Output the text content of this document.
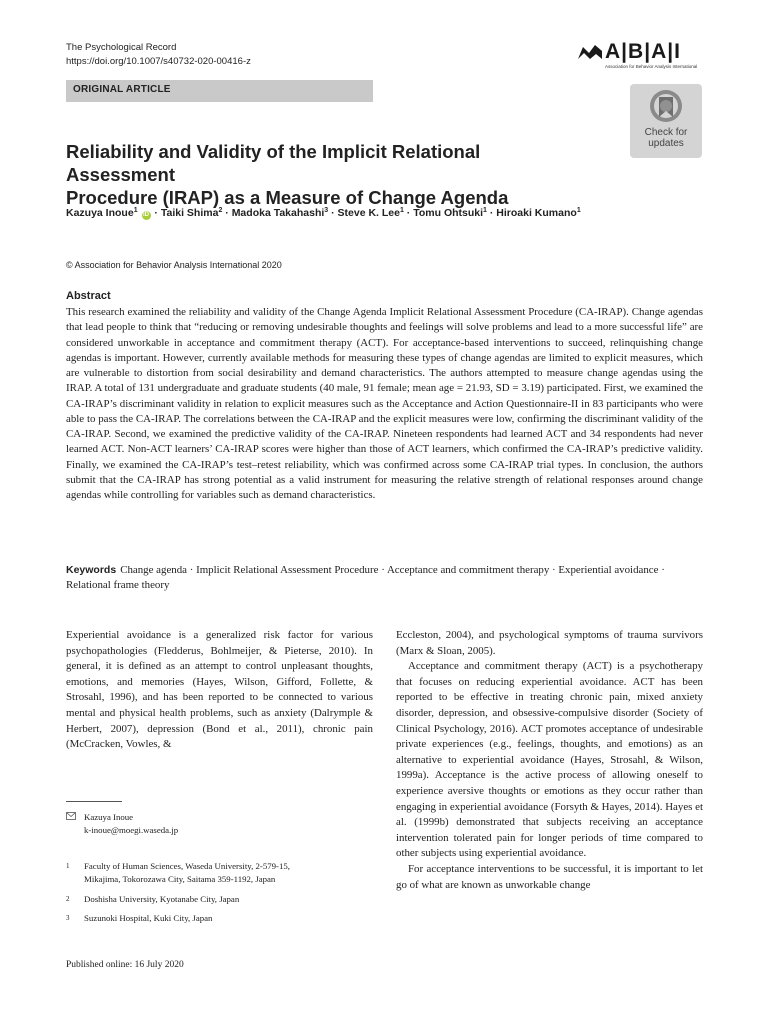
The Psychological Record
https://doi.org/10.1007/s40732-020-00416-z	A|B|A|I
Association for Behavior Analysis International
ORIGINAL ARTICLE
Check for
updates
Reliability and Validity of the Implicit Relational Assessment
Procedure (IRAP) as a Measure of Change Agenda
Kazuya Inoue$^1$ iD · Taiki Shima$^2$ · Madoka Takahashi$^3$ · Steve K. Lee$^1$ · Tomu Ohtsuki$^1$ · Hiroaki Kumano$^1$
© Association for Behavior Analysis International 2020
Abstract

This research examined the reliability and validity of the Change Agenda Implicit Relational Assessment Procedure (CA-IRAP). Change agendas that lead people to think that “reducing or removing undesirable thoughts and feelings will solve problems and lead to a more successful life” are considered unworkable in acceptance and commitment therapy (ACT). For acceptance-based interventions to succeed, relinquishing change agendas is important. However, currently available methods for measuring these types of change agendas are limited to explicit measures, which are vulnerable to distortion from social desirability and demand characteristics. The authors attempted to measure change agendas using the IRAP. A total of 131 undergraduate and graduate students (40 male, 91 female; mean age = 21.93, SD = 3.19) participated. First, we examined the CA-IRAP’s discriminant validity in relation to explicit measures such as the Acceptance and Action Questionnaire-II in 83 participants who were able to pass the CA-IRAP. The correlations between the CA-IRAP and the explicit measures were low, confirming the discriminant validity of the CA-IRAP. Second, we examined the predictive validity of the CA-IRAP. Nineteen respondents had learned ACT and 34 respondents had never learned ACT. Non-ACT learners’ CA-IRAP scores were higher than those of ACT learners, which confirmed the CA-IRAP’s predictive validity. Finally, we examined the CA-IRAP’s test–retest reliability, which was confirmed across some CA-IRAP trial types. In conclusion, the authors submit that the CA-IRAP has strong potential as a valid instrument for measuring the relative strength of relational responses around change agendas while controlling for variables such as demand characteristics.

Keywords Change agenda · Implicit Relational Assessment Procedure · Acceptance and commitment therapy · Experiential avoidance · Relational frame theory

Experiential avoidance is a generalized risk factor for various psychopathologies (Fledderus, Bohlmeijer, & Pieterse, 2010). In general, it is defined as an attempt to control unpleasant thoughts, emotions, and memories (Hayes, Wilson, Gifford, Follette, & Strosahl, 1996), and has been reported to be connected to various mental and physical health problems, such as anxiety (Dalrymple & Herbert, 2007), depression (Bond et al., 2011), chronic pain (McCracken, Vowles, &

Eccleston, 2004), and psychological symptoms of trauma survivors (Marx & Sloan, 2005).

Acceptance and commitment therapy (ACT) is a psychotherapy that focuses on reducing experiential avoidance. ACT has been reported to be effective in treating chronic pain, mixed anxiety disorder, depression, and obsessive-compulsive disorder (Society of Clinical Psychology, 2016). ACT promotes acceptance of undesirable private experiences (e.g., feelings, thoughts, and emotions) as an alternative to experiential avoidance (Hayes, Strosahl, & Wilson, 1999a). Acceptance is the active process of allowing oneself to experience aversive thoughts or emotions as they occur rather than engaging in experiential avoidance (Forsyth & Hayes, 2014). Hayes et al. (1999b) demonstrated that subjects receiving an acceptance intervention tolerated pain for longer periods of time compared to other subjects using experiential avoidance.

For acceptance interventions to be successful, it is important to let go of what are known as unworkable change

Kazuya Inoue
k-inoue@moegi.waseda.jp
1 Faculty of Human Sciences, Waseda University, 2-579-15,
Mikajima, Tokorozawa City, Saitama 359-1192, Japan
2 Doshisha University, Kyotanabe City, Japan
3 Suzunoki Hospital, Kuki City, Japan
Published online: 16 July 2020
